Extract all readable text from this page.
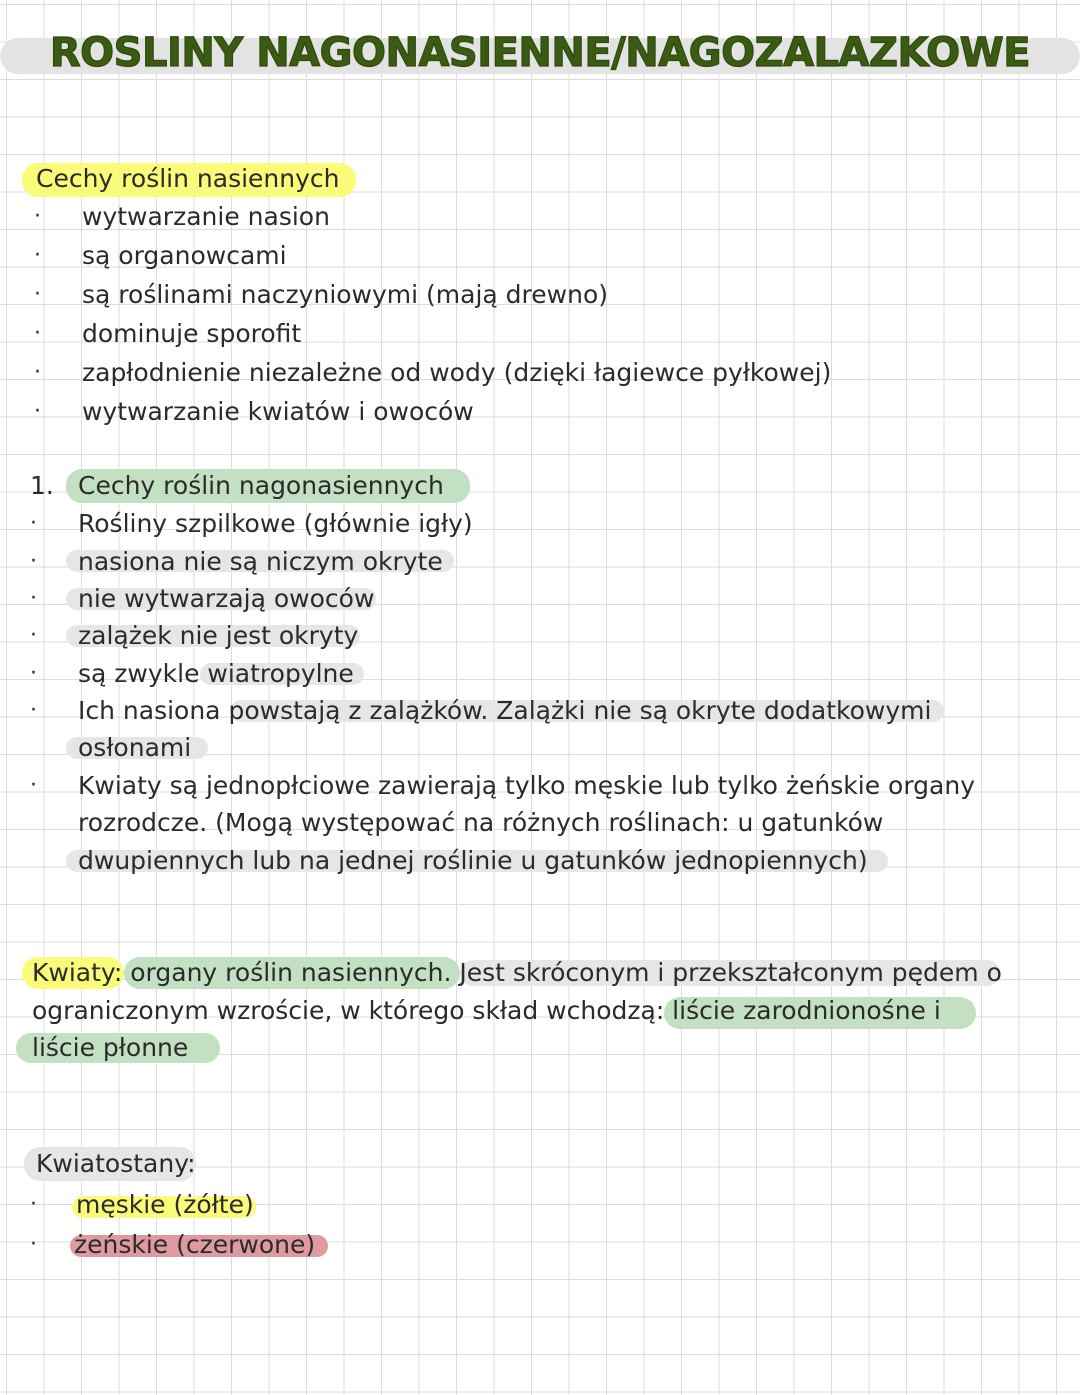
ROSLINY NAGONASIENNE/NAGOZALAZKOWE
Cechy roślin nasiennych
· wytwarzanie nasion
· są organowcami
· są roślinami naczyniowymi (mają drewno)
· dominuje sporofit
· zapłodnienie niezależne od wody (dzięki łagiewce pyłkowej)
· wytwarzanie kwiatów i owoców
1. Cechy roślin nagonasiennych
· Rośliny szpilkowe (głównie igły)
· nasiona nie są niczym okryte
· nie wytwarzają owoców
· zalążek nie jest okryty
· są zwykle wiatropylne
· Ich nasiona powstają z zalążków. Zalążki nie są okryte dodatkowymi
osłonami
· Kwiaty są jednopłciowe zawierają tylko męskie lub tylko żeńskie organy
rozrodcze. (Mogą występować na różnych roślinach: u gatunków
dwupiennych lub na jednej roślinie u gatunków jednopiennych)
Kwiaty: organy roślin nasiennych. Jest skróconym i przekształconym pędem o
ograniczonym wzroście, w którego skład wchodzą: liście zarodnionośne i
liście płonne
Kwiatostany:
· męskie (żółte)
· żeńskie (czerwone)
